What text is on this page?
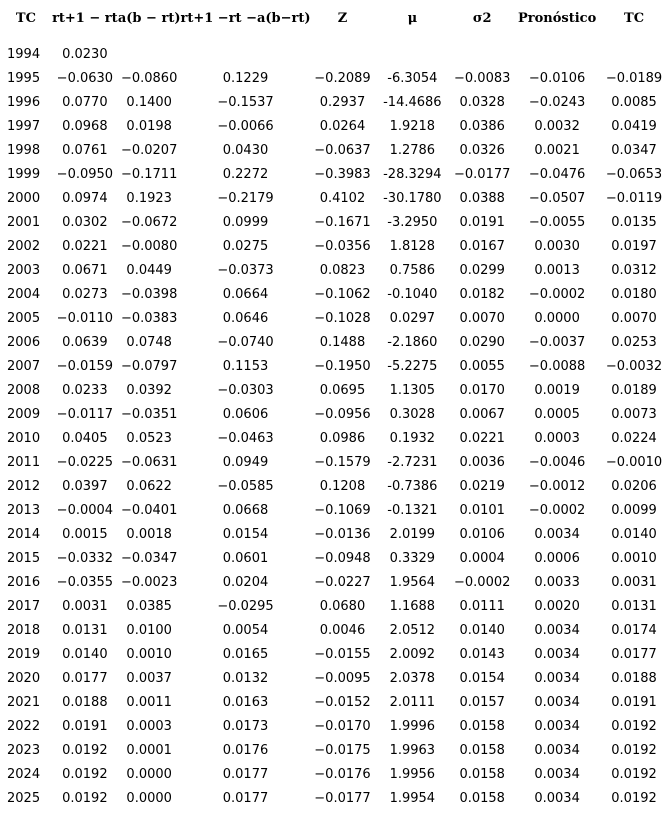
TC	rt+1 − rt	a(b − rt)	rt+1 −rt −a(b−rt)	Z	μ	σ2	Pronóstico	TC
1994	0.0230							
1995	−0.0630	−0.0860	0.1229	−0.2089	-6.3054	−0.0083	−0.0106	−0.0189
1996	0.0770	0.1400	−0.1537	0.2937	-14.4686	0.0328	−0.0243	0.0085
1997	0.0968	0.0198	−0.0066	0.0264	1.9218	0.0386	0.0032	0.0419
1998	0.0761	−0.0207	0.0430	−0.0637	1.2786	0.0326	0.0021	0.0347
1999	−0.0950	−0.1711	0.2272	−0.3983	-28.3294	−0.0177	−0.0476	−0.0653
2000	0.0974	0.1923	−0.2179	0.4102	-30.1780	0.0388	−0.0507	−0.0119
2001	0.0302	−0.0672	0.0999	−0.1671	-3.2950	0.0191	−0.0055	0.0135
2002	0.0221	−0.0080	0.0275	−0.0356	1.8128	0.0167	0.0030	0.0197
2003	0.0671	0.0449	−0.0373	0.0823	0.7586	0.0299	0.0013	0.0312
2004	0.0273	−0.0398	0.0664	−0.1062	-0.1040	0.0182	−0.0002	0.0180
2005	−0.0110	−0.0383	0.0646	−0.1028	0.0297	0.0070	0.0000	0.0070
2006	0.0639	0.0748	−0.0740	0.1488	-2.1860	0.0290	−0.0037	0.0253
2007	−0.0159	−0.0797	0.1153	−0.1950	-5.2275	0.0055	−0.0088	−0.0032
2008	0.0233	0.0392	−0.0303	0.0695	1.1305	0.0170	0.0019	0.0189
2009	−0.0117	−0.0351	0.0606	−0.0956	0.3028	0.0067	0.0005	0.0073
2010	0.0405	0.0523	−0.0463	0.0986	0.1932	0.0221	0.0003	0.0224
2011	−0.0225	−0.0631	0.0949	−0.1579	-2.7231	0.0036	−0.0046	−0.0010
2012	0.0397	0.0622	−0.0585	0.1208	-0.7386	0.0219	−0.0012	0.0206
2013	−0.0004	−0.0401	0.0668	−0.1069	-0.1321	0.0101	−0.0002	0.0099
2014	0.0015	0.0018	0.0154	−0.0136	2.0199	0.0106	0.0034	0.0140
2015	−0.0332	−0.0347	0.0601	−0.0948	0.3329	0.0004	0.0006	0.0010
2016	−0.0355	−0.0023	0.0204	−0.0227	1.9564	−0.0002	0.0033	0.0031
2017	0.0031	0.0385	−0.0295	0.0680	1.1688	0.0111	0.0020	0.0131
2018	0.0131	0.0100	0.0054	0.0046	2.0512	0.0140	0.0034	0.0174
2019	0.0140	0.0010	0.0165	−0.0155	2.0092	0.0143	0.0034	0.0177
2020	0.0177	0.0037	0.0132	−0.0095	2.0378	0.0154	0.0034	0.0188
2021	0.0188	0.0011	0.0163	−0.0152	2.0111	0.0157	0.0034	0.0191
2022	0.0191	0.0003	0.0173	−0.0170	1.9996	0.0158	0.0034	0.0192
2023	0.0192	0.0001	0.0176	−0.0175	1.9963	0.0158	0.0034	0.0192
2024	0.0192	0.0000	0.0177	−0.0176	1.9956	0.0158	0.0034	0.0192
2025	0.0192	0.0000	0.0177	−0.0177	1.9954	0.0158	0.0034	0.0192
